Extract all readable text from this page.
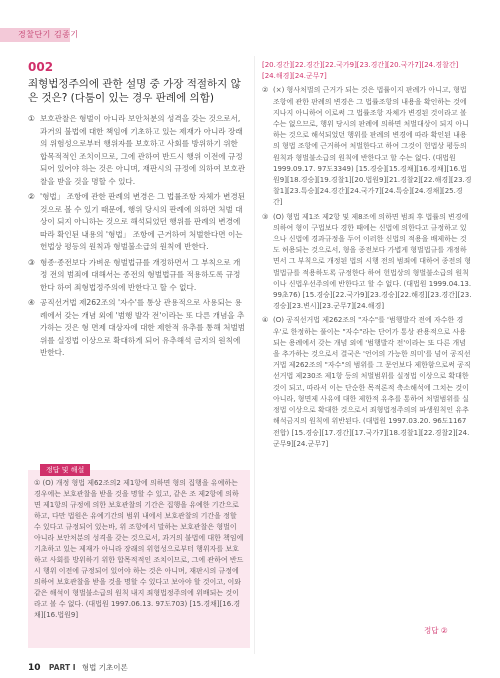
경찰단기 김종기
002
죄형법정주의에 관한 설명 중 가장 적절하지 않은 것은? (다툼이 있는 경우 판례에 의함)
① 보호관찰은 형벌이 아니라 보안처분의 성격을 갖는 것으로서, 과거의 불법에 대한 책임에 기초하고 있는 제재가 아니라 장래의 위험성으로부터 행위자를 보호하고 사회를 방위하기 위한 합목적적인 조치이므로, 그에 관하여 반드시 행위 이전에 규정되어 있어야 하는 것은 아니며, 재판시의 규정에 의하여 보호관찰을 받을 것을 명할 수 있다.
② '형법」 조항에 관한 판례의 변경은 그 법률조항 자체가 변경된 것으로 볼 수 있기 때문에, 행위 당시의 판례에 의하면 처벌 대상이 되지 아니하는 것으로 해석되었던 행위를 판례의 변경에 따라 확인된 내용의 '형법」 조항에 근거하여 처벌한다면 이는 헌법상 평등의 원칙과 형벌불소급의 원칙에 반한다.
③ 형종·종전보다 가벼운 형벌법규를 개정하면서 그 부칙으로 개정 전의 범죄에 대해서는 종전의 형벌법규를 적용하도록 규정한다 하여 죄형법정주의에 반한다고 할 수 없다.
④ 공직선거법 제262조의 '자수'를 통상 관용적으로 사용되는 용례에서 갖는 개념 외에 '범행 발각 전'이라는 또 다른 개념을 추가하는 것은 형 면제 대상자에 대한 제한적 유추를 통해 처벌범위를 실정법 이상으로 확대하게 되어 유추해석 금지의 원칙에 반한다.
정답 및 해설
① (O) 개정 형법 제62조의2 제1항에 의하면 형의 집행을 유예하는 경우에는 보호관찰을 받을 것을 명할 수 있고, 같은 조 제2항에 의하면 제1항의 규정에 의한 보호관찰의 기간은 집행을 유예한 기간으로 하고, 다만 법원은 유예기간의 범위 내에서 보호관찰의 기간을 정할 수 있다고 규정되어 있는바, 위 조항에서 말하는 보호관찰은 형벌이 아니라 보안처분의 성격을 갖는 것으로서, 과거의 불법에 대한 책임에 기초하고 있는 제재가 아니라 장래의 위험성으로부터 행위자를 보호하고 사회를 방위하기 위한 합목적적인 조치이므로, 그에 관하여 반드시 행위 이전에 규정되어 있어야 하는 것은 아니며, 재판시의 규정에 의하여 보호관찰을 받을 것을 명할 수 있다고 보아야 할 것이고, 이와 같은 해석이 형벌불소급의 원칙 내지 죄형법정주의에 위배되는 것이라고 볼 수 없다. (대법원 1997.06.13. 97도703) [15.경채][16.경채][16.법원9]
[20.경간][22.경간][22.국가9][23.경간][20.국가7][24.경찰간][24.해경][24.군무7]
② (×) 형사처벌의 근거가 되는 것은 법률이지 판례가 아니고, 형법 조항에 관한 판례의 변경은 그 법률조항의 내용을 확인하는 것에 지나지 아니하여 이로써 그 법률조항 자체가 변경된 것이라고 볼 수는 없으므로, 행위 당시의 판례에 의하면 처벌대상이 되지 아니하는 것으로 해석되었던 행위를 판례의 변경에 따라 확인된 내용의 형법 조항에 근거하여 처벌한다고 하여 그것이 헌법상 평등의 원칙과 형벌불소급의 원칙에 반한다고 할 수는 없다. (대법원 1999.09.17. 97도3349) [15.경승][15.경채][16.경채][16.법원9][18.경승][19.경찰1][20.법원9][21.경찰2][22.해경][23.경찰1][23.특승][24.경간][24.국가7][24.특승][24.경채][25.경간]
③ (O) 형법 제1조 제2항 및 제8조에 의하면 범죄 후 법률의 변경에 의하여 형이 구법보다 경한 때에는 신법에 의한다고 규정하고 있으나 신법에 경과규정을 두어 이러한 신법의 적용을 배제하는 것도 허용되는 것으로서, 형을 종전보다 가볍게 형벌법규를 개정하면서 그 부칙으로 개정된 법의 시행 전의 범죄에 대하여 종전의 형벌법규를 적용하도록 규정한다 하여 헌법상의 형벌불소급의 원칙이나 신법우선주의에 반한다고 할 수 없다. (대법원 1999.04.13. 99초76) [15.경승][22.국가9][23.경승][22.해경][23.경간][23.경승][23.변시][23.군무7][24.해경]
④ (O) 공직선거법 제262조의 "자수"를 '범행발각 전에 자수한 경우'로 한정하는 풀이는 "자수"라는 단어가 통상 관용적으로 사용되는 용례에서 갖는 개념 외에 '범행발각 전'이라는 또 다른 개념을 추가하는 것으로서 결국은 '언어의 가능한 의미'를 넘어 공직선거법 제262조의 "자수"의 범위를 그 문언보다 제한함으로써 공직선거법 제230조 제1항 등의 처벌범위를 실정법 이상으로 확대한 것이 되고, 따라서 이는 단순한 목적론적 축소해석에 그치는 것이 아니라, 형면제 사유에 대한 제한적 유추를 통하여 처벌범위를 실정법 이상으로 확대한 것으로서 죄형법정주의의 파생원칙인 유추해석금지의 원칙에 위반된다. (대법원 1997.03.20. 96도1167 전합) [15.경승][17.경간][17.국가7][18.경찰1][22.경찰2][24.군무9][24.군무7]
정답 ②
10 PART Ⅰ 형법 기초이론
